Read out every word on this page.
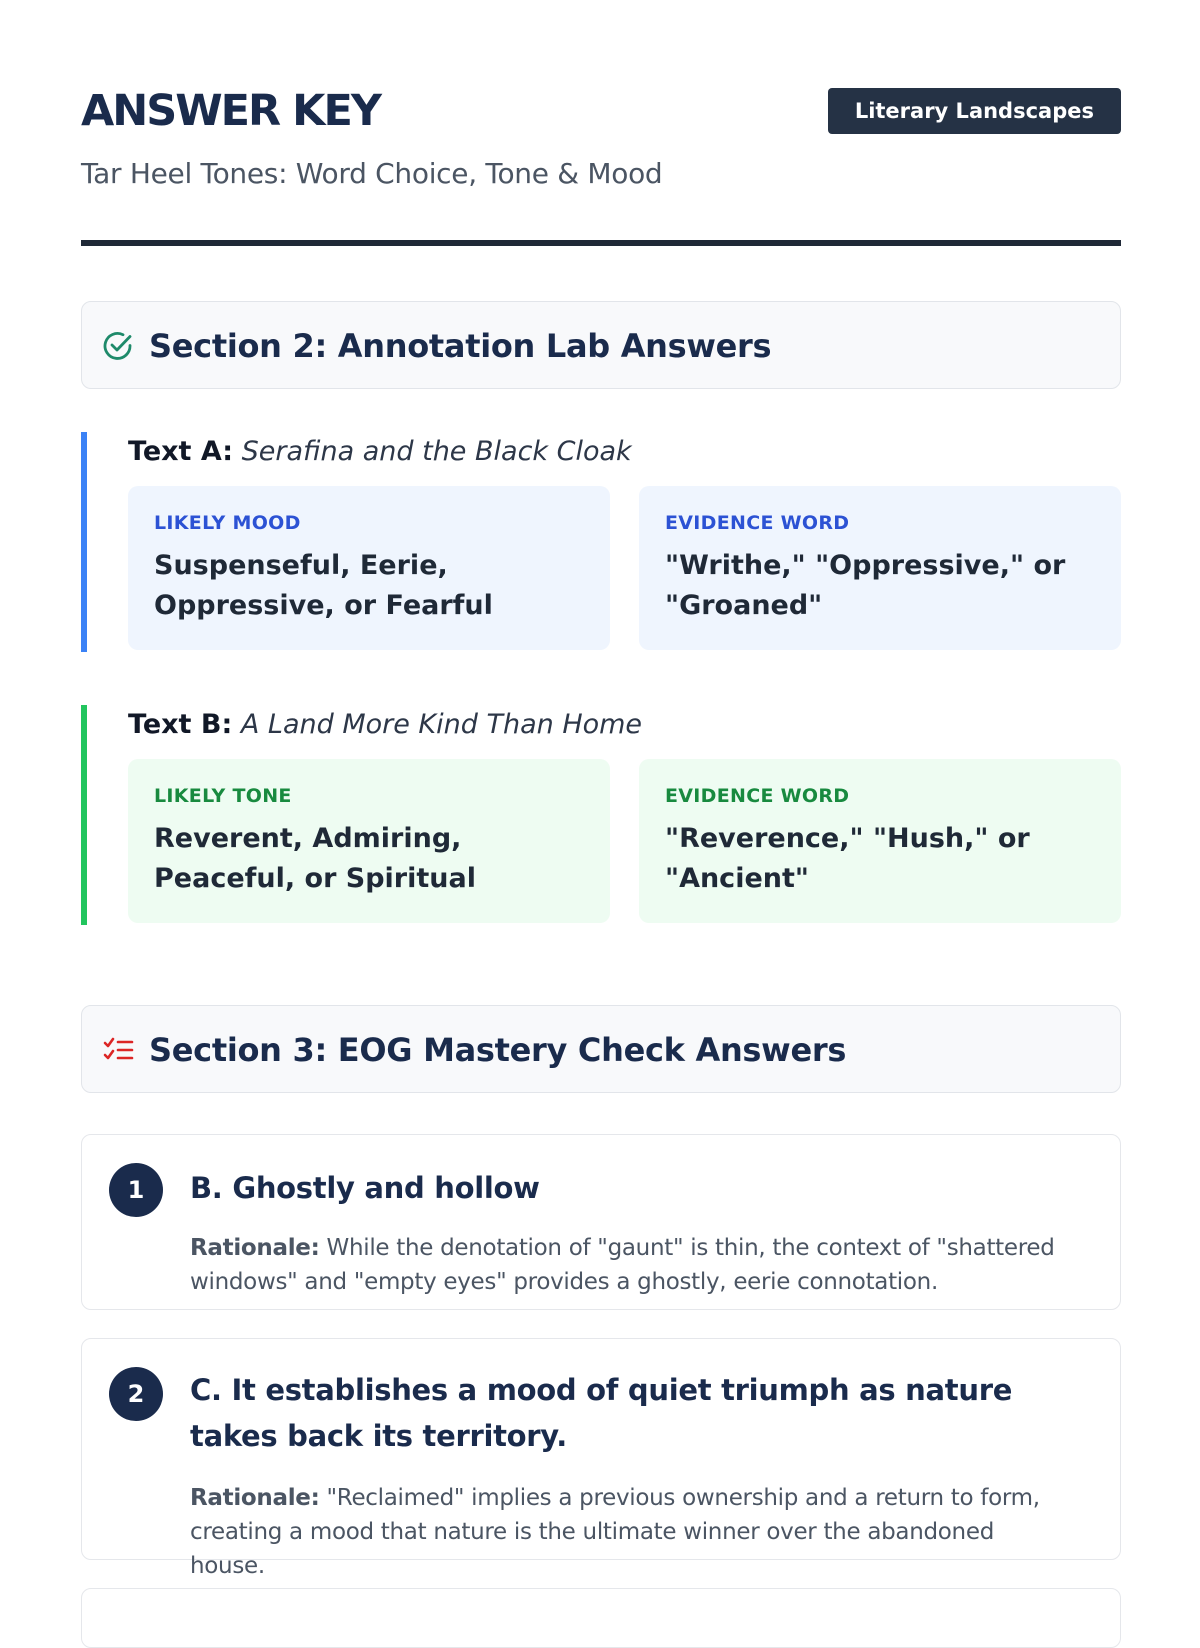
ANSWER KEY	Literary Landscapes
Tar Heel Tones: Word Choice, Tone & Mood
Section 2: Annotation Lab Answers
Text A: Serafina and the Black Cloak
LIKELY MOOD
Suspenseful, Eerie, Oppressive, or Fearful
EVIDENCE WORD
"Writhe," "Oppressive," or "Groaned"
Text B: A Land More Kind Than Home
LIKELY TONE
Reverent, Admiring, Peaceful, or Spiritual
EVIDENCE WORD
"Reverence," "Hush," or "Ancient"
Section 3: EOG Mastery Check Answers
1	B. Ghostly and hollow
Rationale: While the denotation of "gaunt" is thin, the context of "shattered windows" and "empty eyes" provides a ghostly, eerie connotation.
2	C. It establishes a mood of quiet triumph as nature takes back its territory.
Rationale: "Reclaimed" implies a previous ownership and a return to form, creating a mood that nature is the ultimate winner over the abandoned house.
